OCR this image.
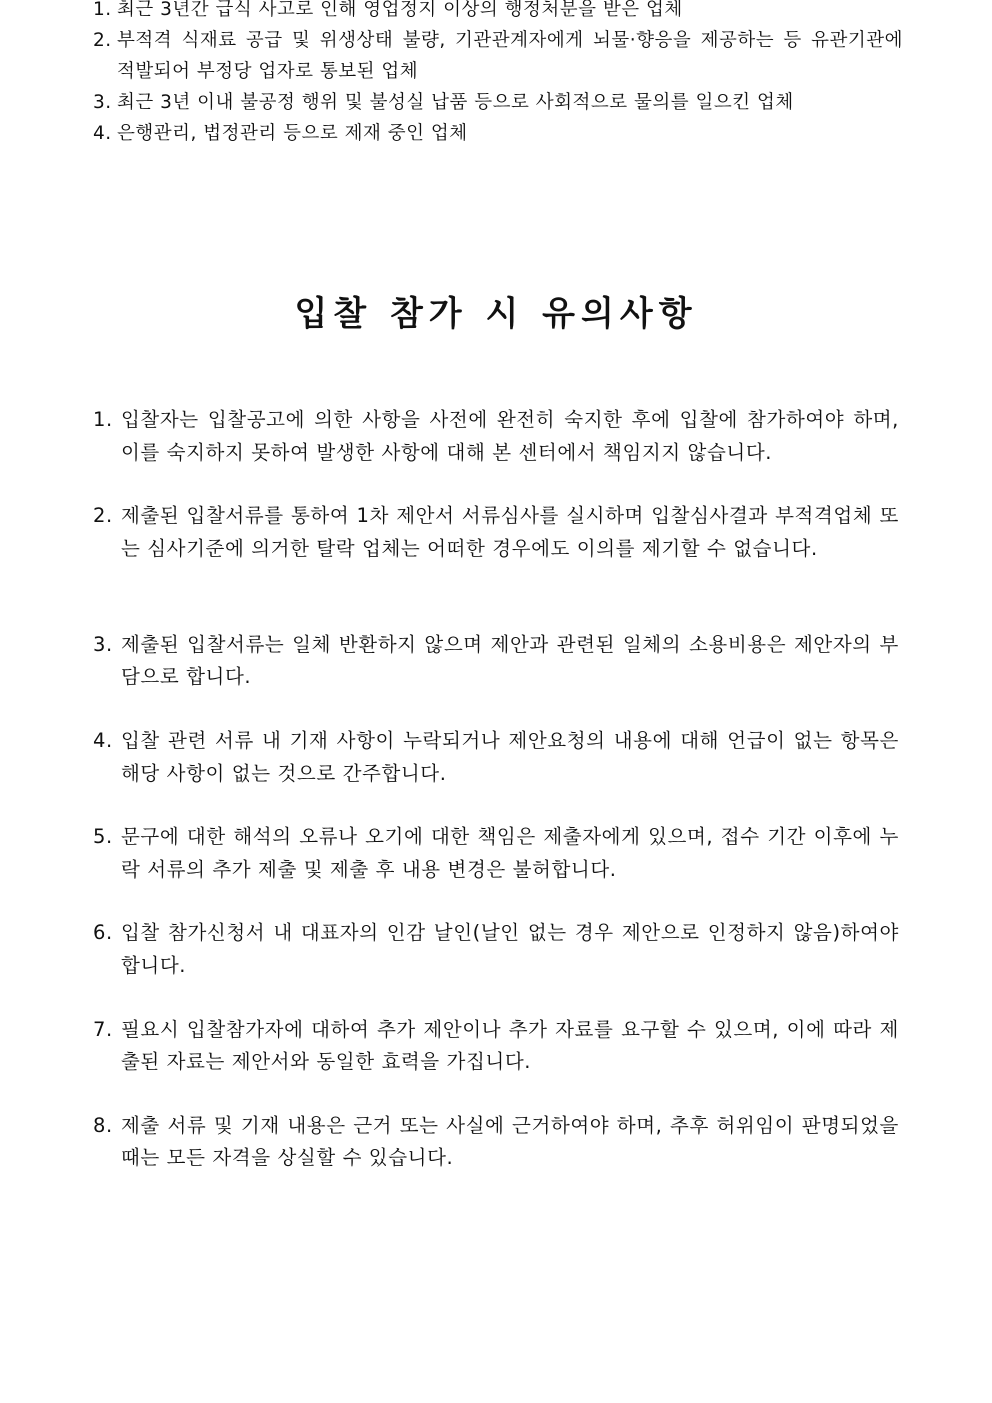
1. 최근 3년간 급식 사고로 인해 영업정지 이상의 행정처분을 받은 업체
2. 부적격 식재료 공급 및 위생상태 불량, 기관관계자에게 뇌물·향응을 제공하는 등 유관기관에 적발되어 부정당 업자로 통보된 업체
3. 최근 3년 이내 불공정 행위 및 불성실 납품 등으로 사회적으로 물의를 일으킨 업체
4. 은행관리, 법정관리 등으로 제재 중인 업체
입찰 참가 시 유의사항
1. 입찰자는 입찰공고에 의한 사항을 사전에 완전히 숙지한 후에 입찰에 참가하여야 하며, 이를 숙지하지 못하여 발생한 사항에 대해 본 센터에서 책임지지 않습니다.
2. 제출된 입찰서류를 통하여 1차 제안서 서류심사를 실시하며 입찰심사결과 부적격업체 또는 심사기준에 의거한 탈락 업체는 어떠한 경우에도 이의를 제기할 수 없습니다.
3. 제출된 입찰서류는 일체 반환하지 않으며 제안과 관련된 일체의 소용비용은 제안자의 부담으로 합니다.
4. 입찰 관련 서류 내 기재 사항이 누락되거나 제안요청의 내용에 대해 언급이 없는 항목은 해당 사항이 없는 것으로 간주합니다.
5. 문구에 대한 해석의 오류나 오기에 대한 책임은 제출자에게 있으며, 접수 기간 이후에 누락 서류의 추가 제출 및 제출 후 내용 변경은 불허합니다.
6. 입찰 참가신청서 내 대표자의 인감 날인(날인 없는 경우 제안으로 인정하지 않음)하여야 합니다.
7. 필요시 입찰참가자에 대하여 추가 제안이나 추가 자료를 요구할 수 있으며, 이에 따라 제출된 자료는 제안서와 동일한 효력을 가집니다.
8. 제출 서류 및 기재 내용은 근거 또는 사실에 근거하여야 하며, 추후 허위임이 판명되었을 때는 모든 자격을 상실할 수 있습니다.
